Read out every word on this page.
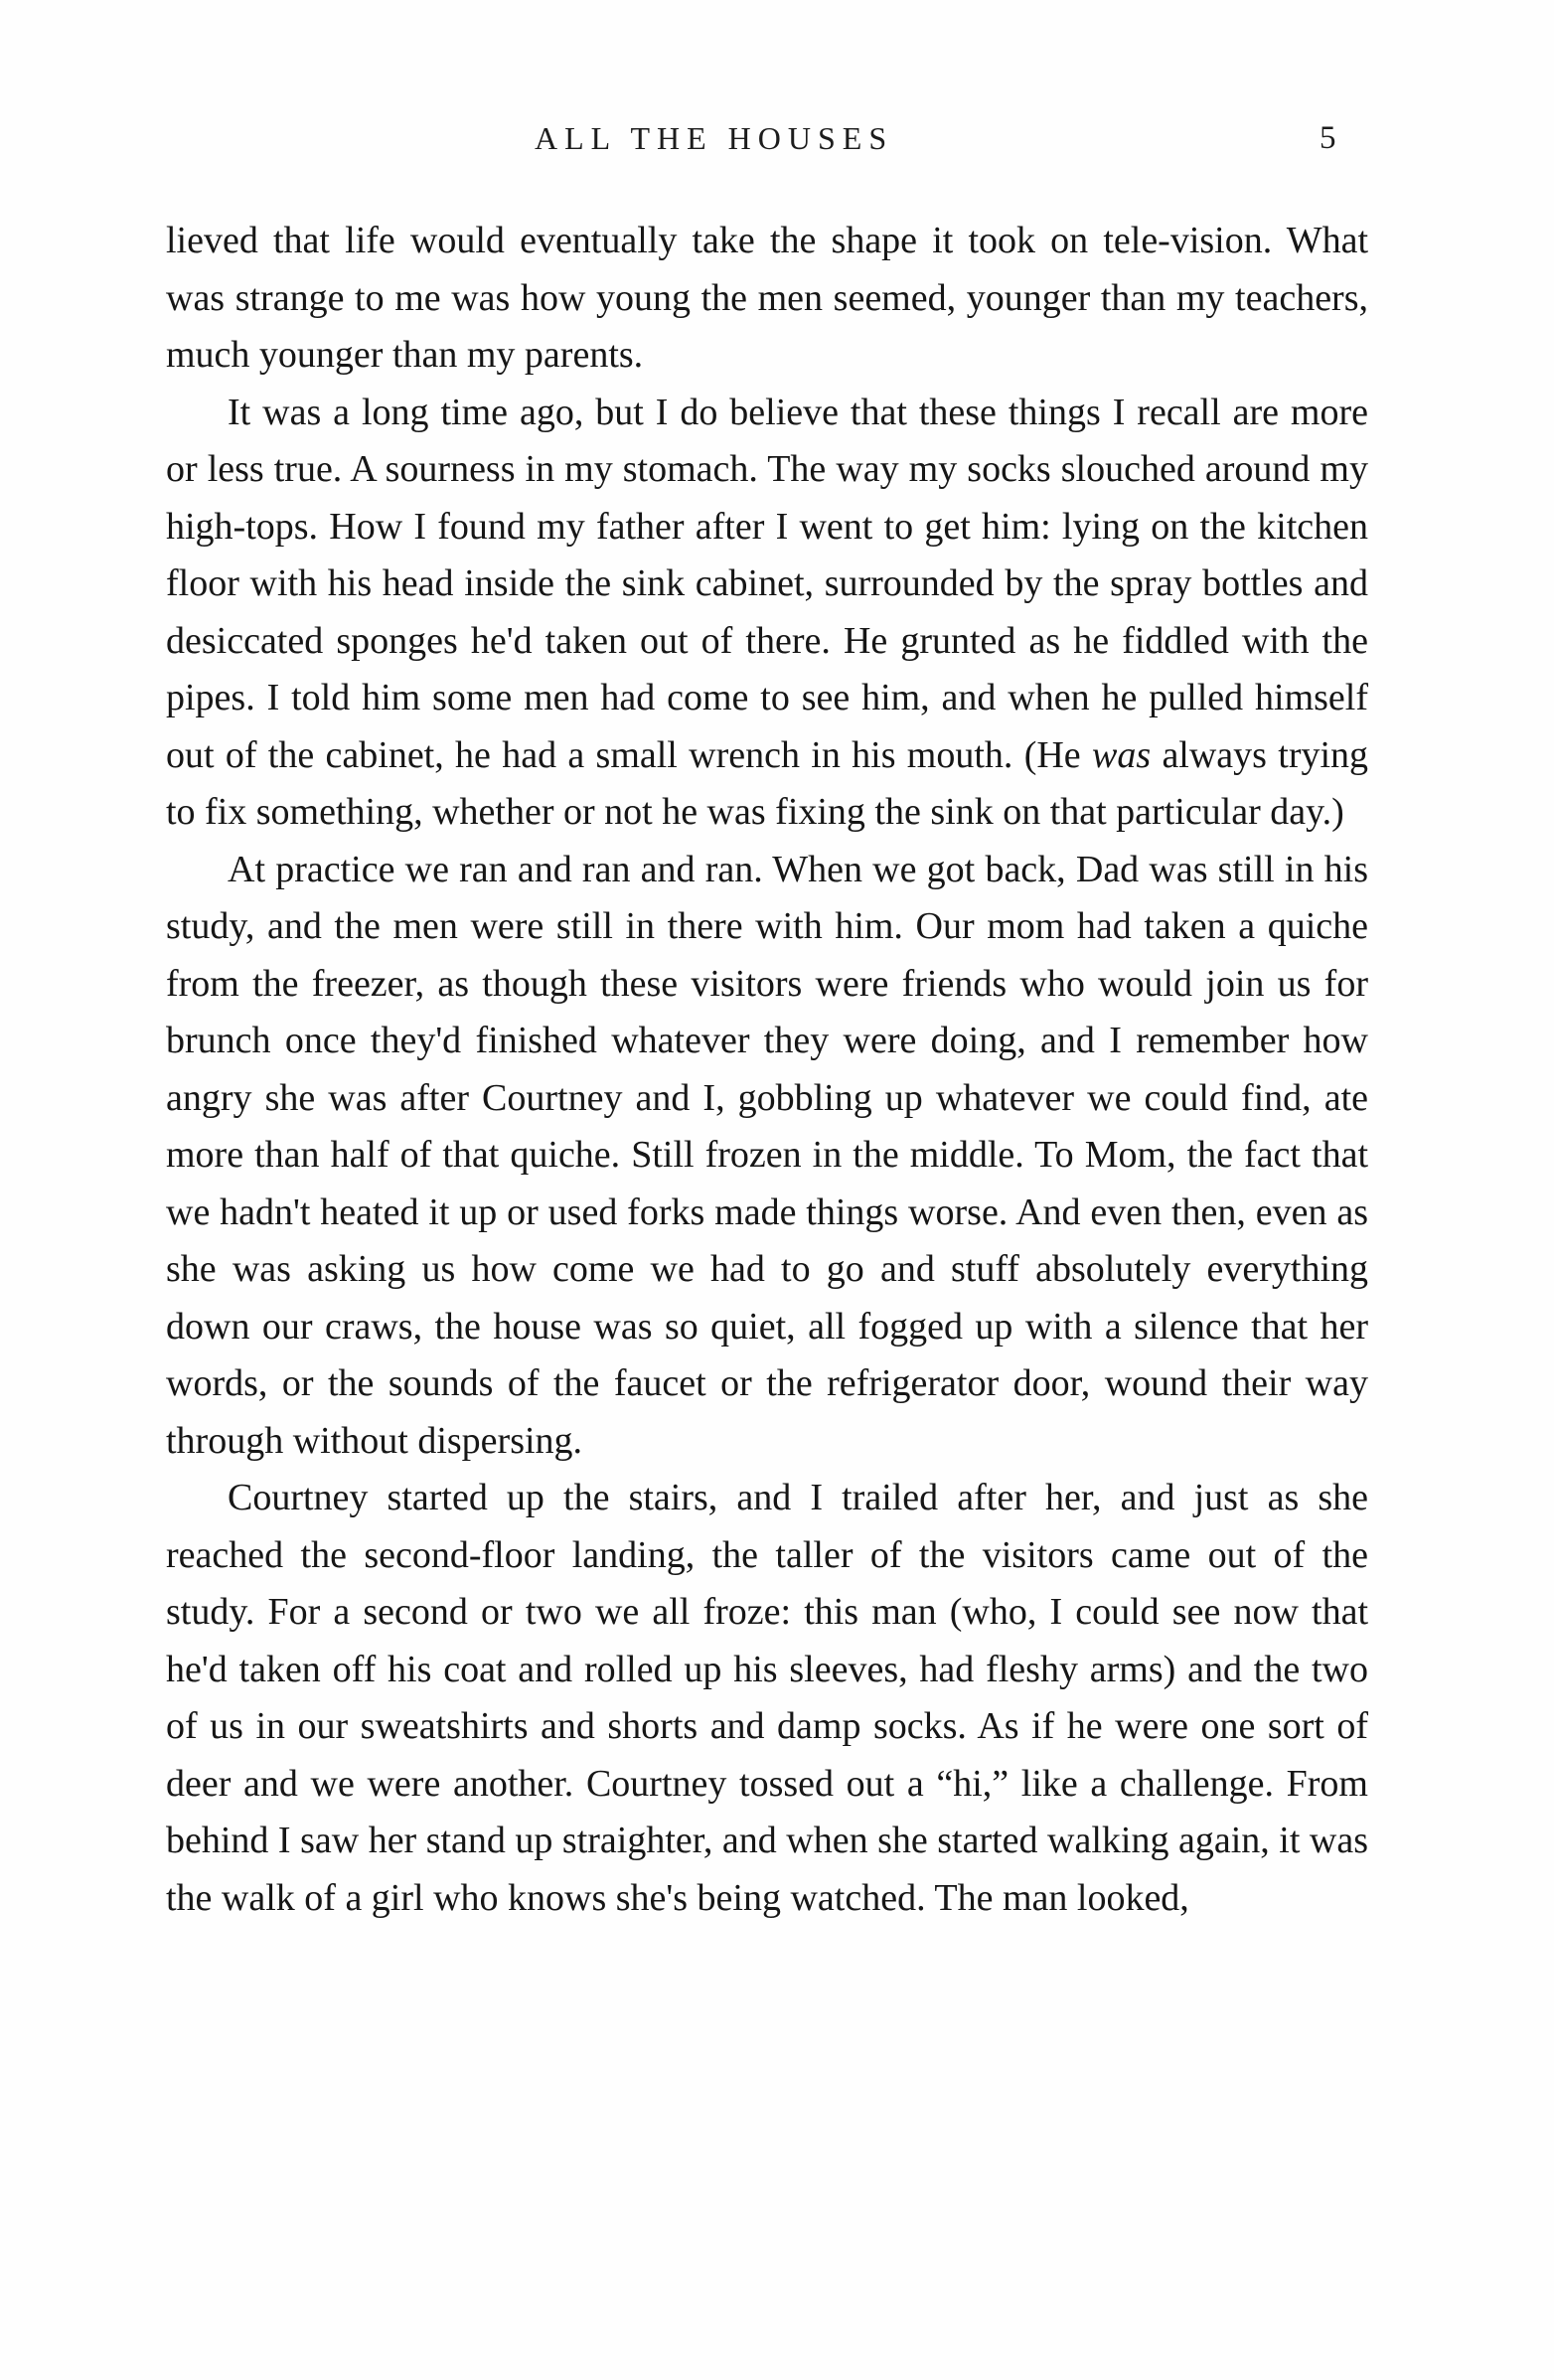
ALL THE HOUSES	5

lieved that life would eventually take the shape it took on tele-vision. What was strange to me was how young the men seemed, younger than my teachers, much younger than my parents.

It was a long time ago, but I do believe that these things I recall are more or less true. A sourness in my stomach. The way my socks slouched around my high-tops. How I found my father after I went to get him: lying on the kitchen floor with his head inside the sink cabinet, surrounded by the spray bottles and desiccated sponges he'd taken out of there. He grunted as he fiddled with the pipes. I told him some men had come to see him, and when he pulled himself out of the cabinet, he had a small wrench in his mouth. (He was always trying to fix something, whether or not he was fixing the sink on that particular day.)

At practice we ran and ran and ran. When we got back, Dad was still in his study, and the men were still in there with him. Our mom had taken a quiche from the freezer, as though these visitors were friends who would join us for brunch once they'd finished whatever they were doing, and I remember how angry she was after Courtney and I, gobbling up whatever we could find, ate more than half of that quiche. Still frozen in the middle. To Mom, the fact that we hadn't heated it up or used forks made things worse. And even then, even as she was asking us how come we had to go and stuff absolutely everything down our craws, the house was so quiet, all fogged up with a silence that her words, or the sounds of the faucet or the refrigerator door, wound their way through without dispersing.

Courtney started up the stairs, and I trailed after her, and just as she reached the second-floor landing, the taller of the visitors came out of the study. For a second or two we all froze: this man (who, I could see now that he'd taken off his coat and rolled up his sleeves, had fleshy arms) and the two of us in our sweatshirts and shorts and damp socks. As if he were one sort of deer and we were another. Courtney tossed out a “hi,” like a challenge. From behind I saw her stand up straighter, and when she started walking again, it was the walk of a girl who knows she's being watched. The man looked,
